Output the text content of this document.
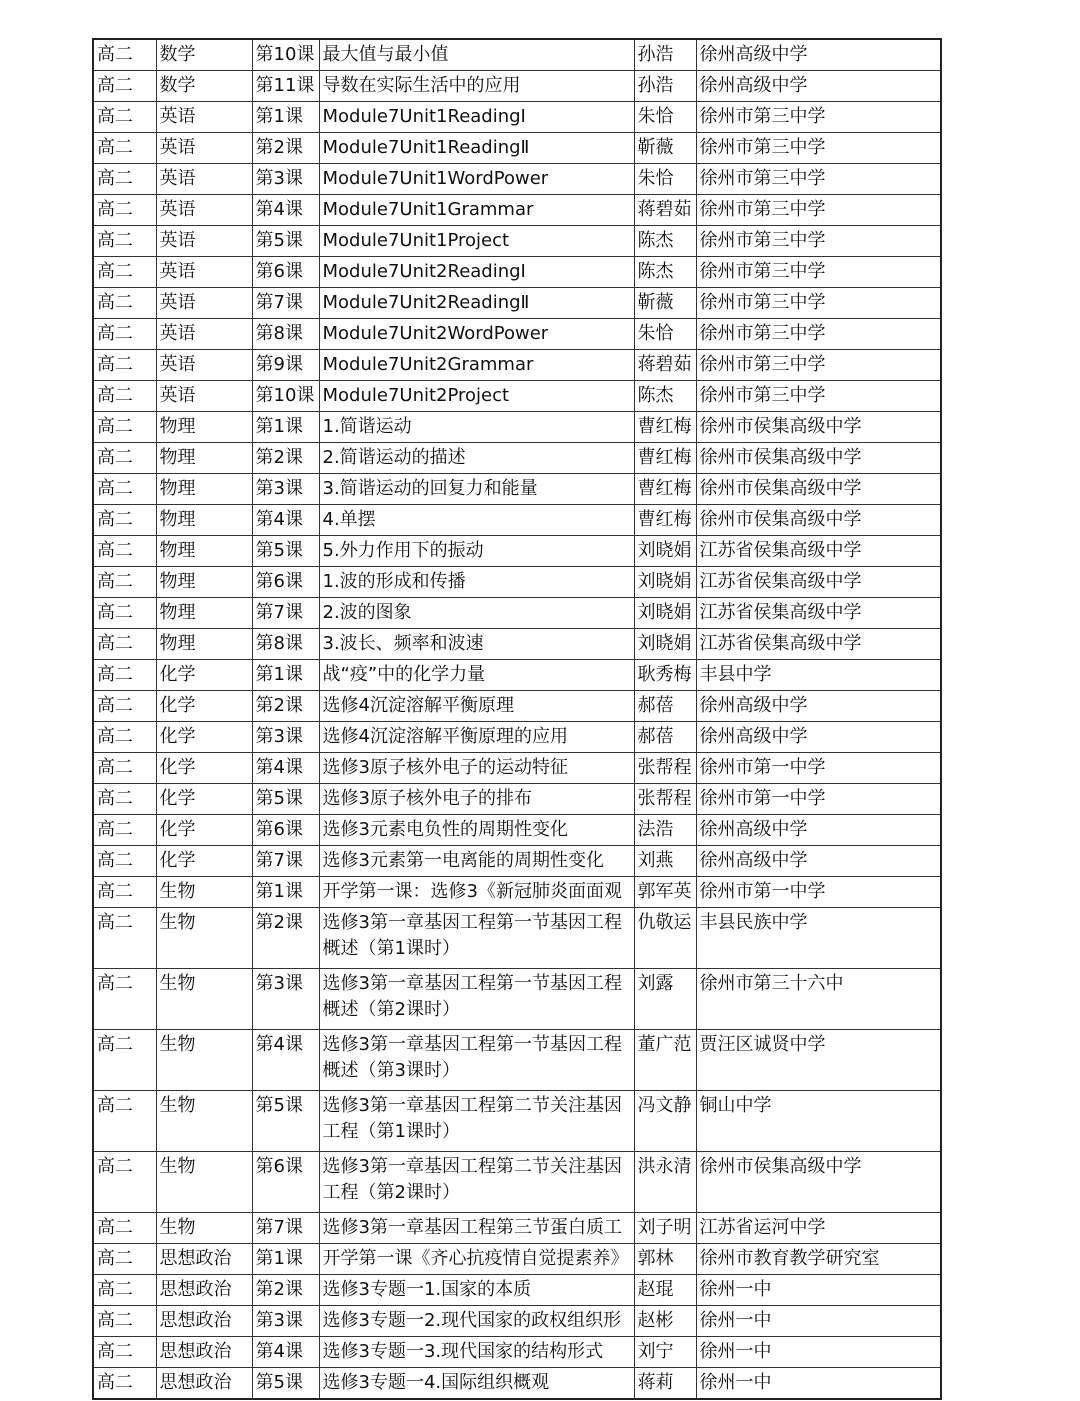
高二	数学	第10课	最大值与最小值	孙浩	徐州高级中学
高二	数学	第11课	导数在实际生活中的应用	孙浩	徐州高级中学
高二	英语	第1课	Module7Unit1ReadingⅠ	朱恰	徐州市第三中学
高二	英语	第2课	Module7Unit1ReadingⅡ	靳薇	徐州市第三中学
高二	英语	第3课	Module7Unit1WordPower	朱恰	徐州市第三中学
高二	英语	第4课	Module7Unit1Grammar	蒋碧茹	徐州市第三中学
高二	英语	第5课	Module7Unit1Project	陈杰	徐州市第三中学
高二	英语	第6课	Module7Unit2ReadingⅠ	陈杰	徐州市第三中学
高二	英语	第7课	Module7Unit2ReadingⅡ	靳薇	徐州市第三中学
高二	英语	第8课	Module7Unit2WordPower	朱恰	徐州市第三中学
高二	英语	第9课	Module7Unit2Grammar	蒋碧茹	徐州市第三中学
高二	英语	第10课	Module7Unit2Project	陈杰	徐州市第三中学
高二	物理	第1课	1.简谐运动	曹红梅	徐州市侯集高级中学
高二	物理	第2课	2.简谐运动的描述	曹红梅	徐州市侯集高级中学
高二	物理	第3课	3.简谐运动的回复力和能量	曹红梅	徐州市侯集高级中学
高二	物理	第4课	4.单摆	曹红梅	徐州市侯集高级中学
高二	物理	第5课	5.外力作用下的振动	刘晓娟	江苏省侯集高级中学
高二	物理	第6课	1.波的形成和传播	刘晓娟	江苏省侯集高级中学
高二	物理	第7课	2.波的图象	刘晓娟	江苏省侯集高级中学
高二	物理	第8课	3.波长、频率和波速	刘晓娟	江苏省侯集高级中学
高二	化学	第1课	战“疫”中的化学力量	耿秀梅	丰县中学
高二	化学	第2课	选修4沉淀溶解平衡原理	郝蓓	徐州高级中学
高二	化学	第3课	选修4沉淀溶解平衡原理的应用	郝蓓	徐州高级中学
高二	化学	第4课	选修3原子核外电子的运动特征	张帮程	徐州市第一中学
高二	化学	第5课	选修3原子核外电子的排布	张帮程	徐州市第一中学
高二	化学	第6课	选修3元素电负性的周期性变化	法浩	徐州高级中学
高二	化学	第7课	选修3元素第一电离能的周期性变化	刘燕	徐州高级中学
高二	生物	第1课	开学第一课：选修3《新冠肺炎面面观	郭军英	徐州市第一中学
高二	生物	第2课	选修3第一章基因工程第一节基因工程概述（第1课时）	仇敬运	丰县民族中学
高二	生物	第3课	选修3第一章基因工程第一节基因工程概述（第2课时）	刘露	徐州市第三十六中
高二	生物	第4课	选修3第一章基因工程第一节基因工程概述（第3课时）	董广范	贾汪区诚贤中学
高二	生物	第5课	选修3第一章基因工程第二节关注基因工程（第1课时）	冯文静	铜山中学
高二	生物	第6课	选修3第一章基因工程第二节关注基因工程（第2课时）	洪永清	徐州市侯集高级中学
高二	生物	第7课	选修3第一章基因工程第三节蛋白质工	刘子明	江苏省运河中学
高二	思想政治	第1课	开学第一课《齐心抗疫情自觉提素养》	郭林	徐州市教育教学研究室
高二	思想政治	第2课	选修3专题一1.国家的本质	赵琨	徐州一中
高二	思想政治	第3课	选修3专题一2.现代国家的政权组织形	赵彬	徐州一中
高二	思想政治	第4课	选修3专题一3.现代国家的结构形式	刘宁	徐州一中
高二	思想政治	第5课	选修3专题一4.国际组织概观	蒋莉	徐州一中
